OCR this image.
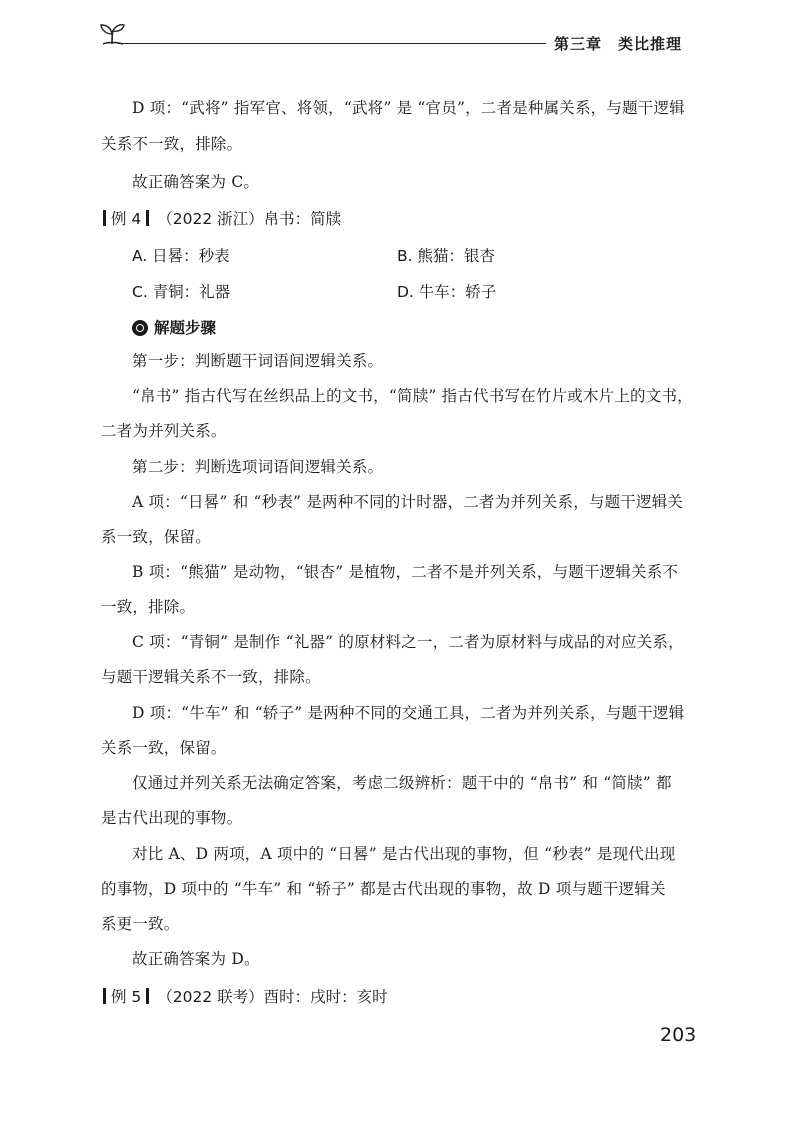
第三章　类比推理
D 项：“武将” 指军官、将领，“武将” 是 “官员”，二者是种属关系，与题干逻辑
关系不一致，排除。
故正确答案为 C。
例 4 （2022 浙江）帛书：简牍
A. 日晷：秒表	B. 熊猫：银杏
C. 青铜：礼器	D. 牛车：轿子
解题步骤
第一步：判断题干词语间逻辑关系。
“帛书” 指古代写在丝织品上的文书，“简牍” 指古代书写在竹片或木片上的文书，
二者为并列关系。
第二步：判断选项词语间逻辑关系。
A 项：“日晷” 和 “秒表” 是两种不同的计时器，二者为并列关系，与题干逻辑关
系一致，保留。
B 项：“熊猫” 是动物，“银杏” 是植物，二者不是并列关系，与题干逻辑关系不
一致，排除。
C 项：“青铜” 是制作 “礼器” 的原材料之一，二者为原材料与成品的对应关系，
与题干逻辑关系不一致，排除。
D 项：“牛车” 和 “轿子” 是两种不同的交通工具，二者为并列关系，与题干逻辑
关系一致，保留。
仅通过并列关系无法确定答案，考虑二级辨析：题干中的 “帛书” 和 “简牍” 都
是古代出现的事物。
对比 A、D 两项，A 项中的 “日晷” 是古代出现的事物，但 “秒表” 是现代出现
的事物，D 项中的 “牛车” 和 “轿子” 都是古代出现的事物，故 D 项与题干逻辑关
系更一致。
故正确答案为 D。
例 5 （2022 联考）酉时：戌时：亥时
203
